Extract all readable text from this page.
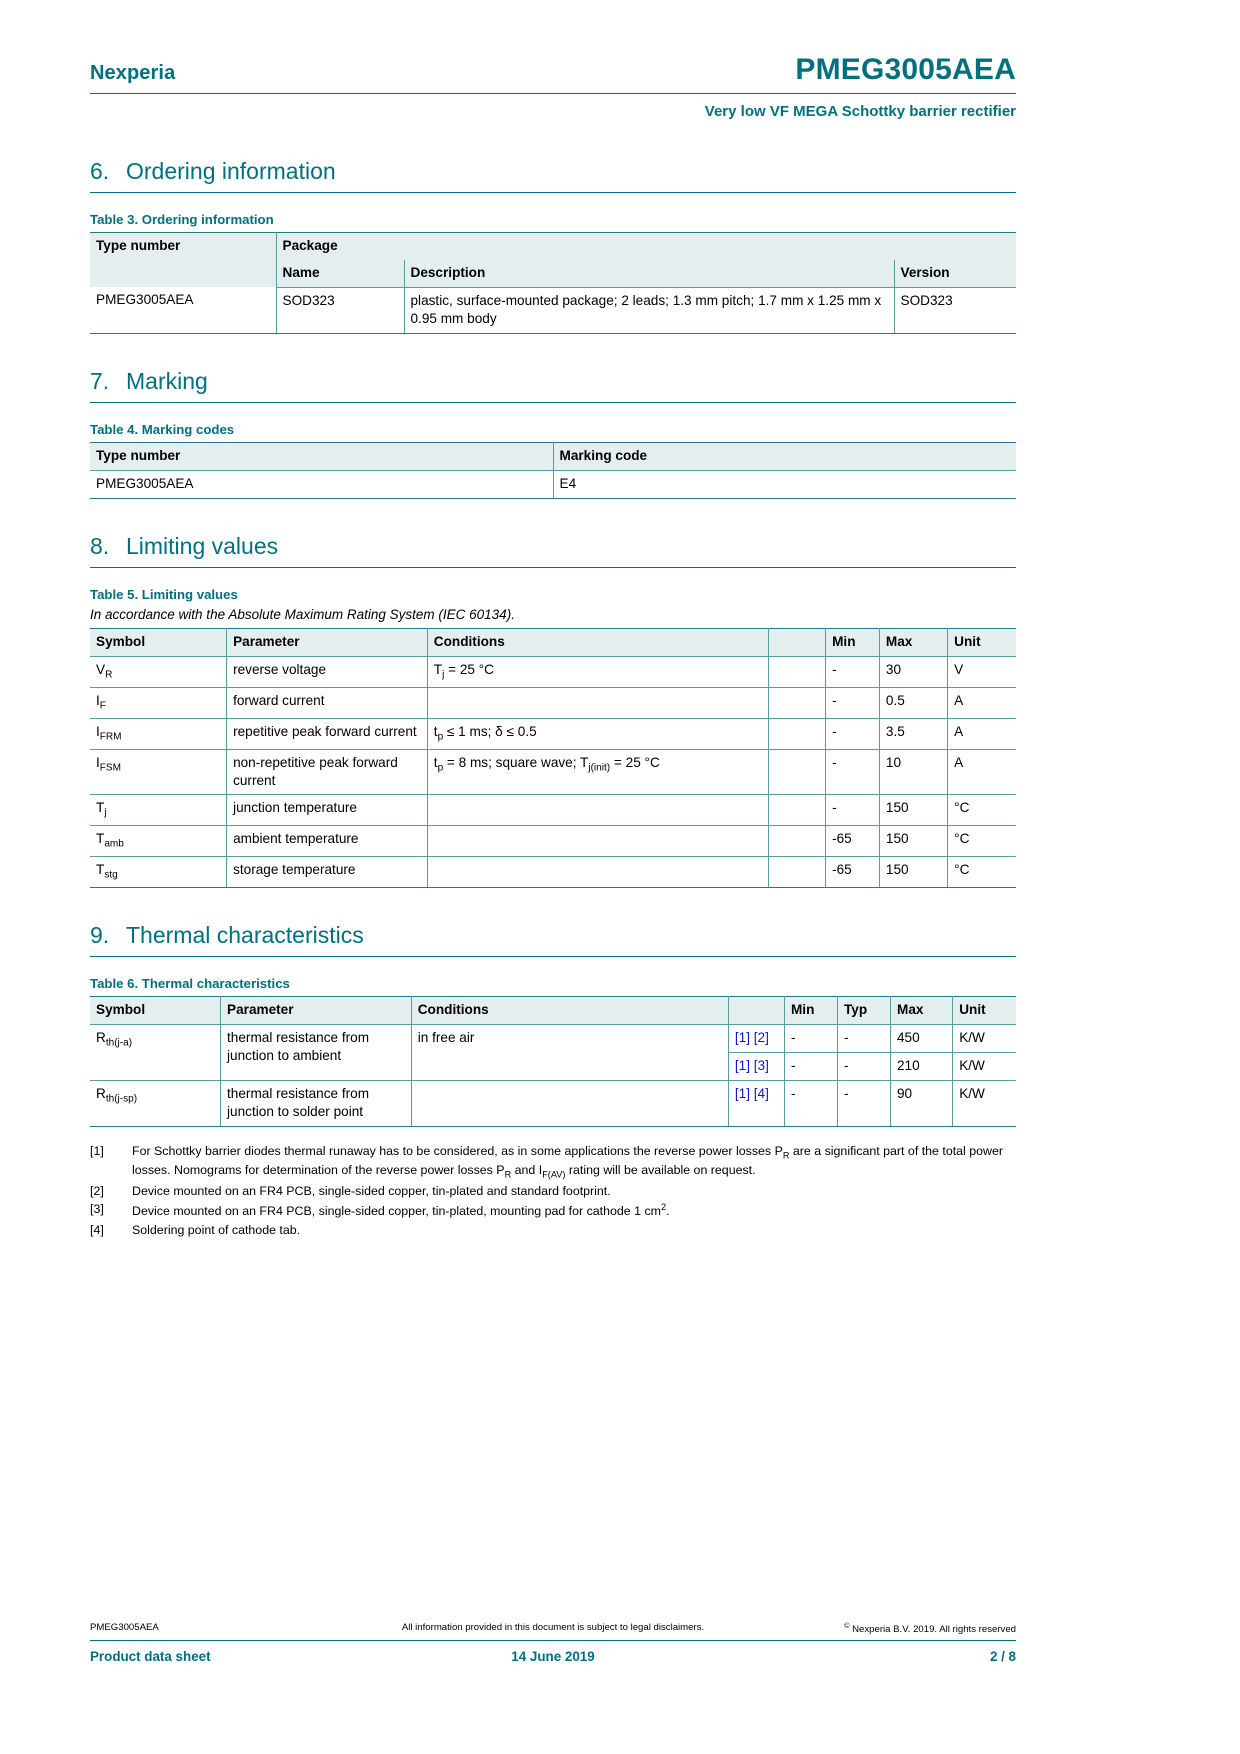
Nexperia	PMEG3005AEA
Very low VF MEGA Schottky barrier rectifier
6. Ordering information
Table 3. Ordering information
Type number	Package		
	Name	Description	Version
PMEG3005AEA	SOD323	plastic, surface-mounted package; 2 leads; 1.3 mm pitch; 1.7 mm x 1.25 mm x 0.95 mm body	SOD323
7. Marking
Table 4. Marking codes
Type number	Marking code
PMEG3005AEA	E4
8. Limiting values
Table 5. Limiting values

In accordance with the Absolute Maximum Rating System (IEC 60134).

Symbol	Parameter	Conditions		Min	Max	Unit
$V_R$	reverse voltage	$T_j = 25$ °C		-	30	V
$I_F$	forward current			-	0.5	A
$I_{FRM}$	repetitive peak forward current	$t_p \le 1$ ms; δ ≤ 0.5		-	3.5	A
$I_{FSM}$	non-repetitive peak forward current	$t_p = 8$ ms; square wave; $T_{j(init)} = 25$ °C		-	10	A
$T_j$	junction temperature			-	150	°C
$T_{amb}$	ambient temperature			-65	150	°C
$T_{stg}$	storage temperature			-65	150	°C
9. Thermal characteristics
Table 6. Thermal characteristics
Symbol	Parameter	Conditions		Min	Typ	Max	Unit
$R_{th(j-a)}$	thermal resistance from junction to ambient	in free air	[1] [2]	-	-	450	K/W
			[1] [3]	-	-	210	K/W
$R_{th(j-sp)}$	thermal resistance from junction to solder point		[1] [4]	-	-	90	K/W
[1]	For Schottky barrier diodes thermal runaway has to be considered, as in some applications the reverse power losses $P_R$ are a significant part of the total power losses. Nomograms for determination of the reverse power losses $P_R$ and $I_{F(AV)}$ rating will be available on request.
[2]	Device mounted on an FR4 PCB, single-sided copper, tin-plated and standard footprint.
[3]	Device mounted on an FR4 PCB, single-sided copper, tin-plated, mounting pad for cathode 1 $cm^2$.
[4]	Soldering point of cathode tab.
PMEG3005AEA	All information provided in this document is subject to legal disclaimers.	© Nexperia B.V. 2019. All rights reserved
Product data sheet	14 June 2019	2 / 8
